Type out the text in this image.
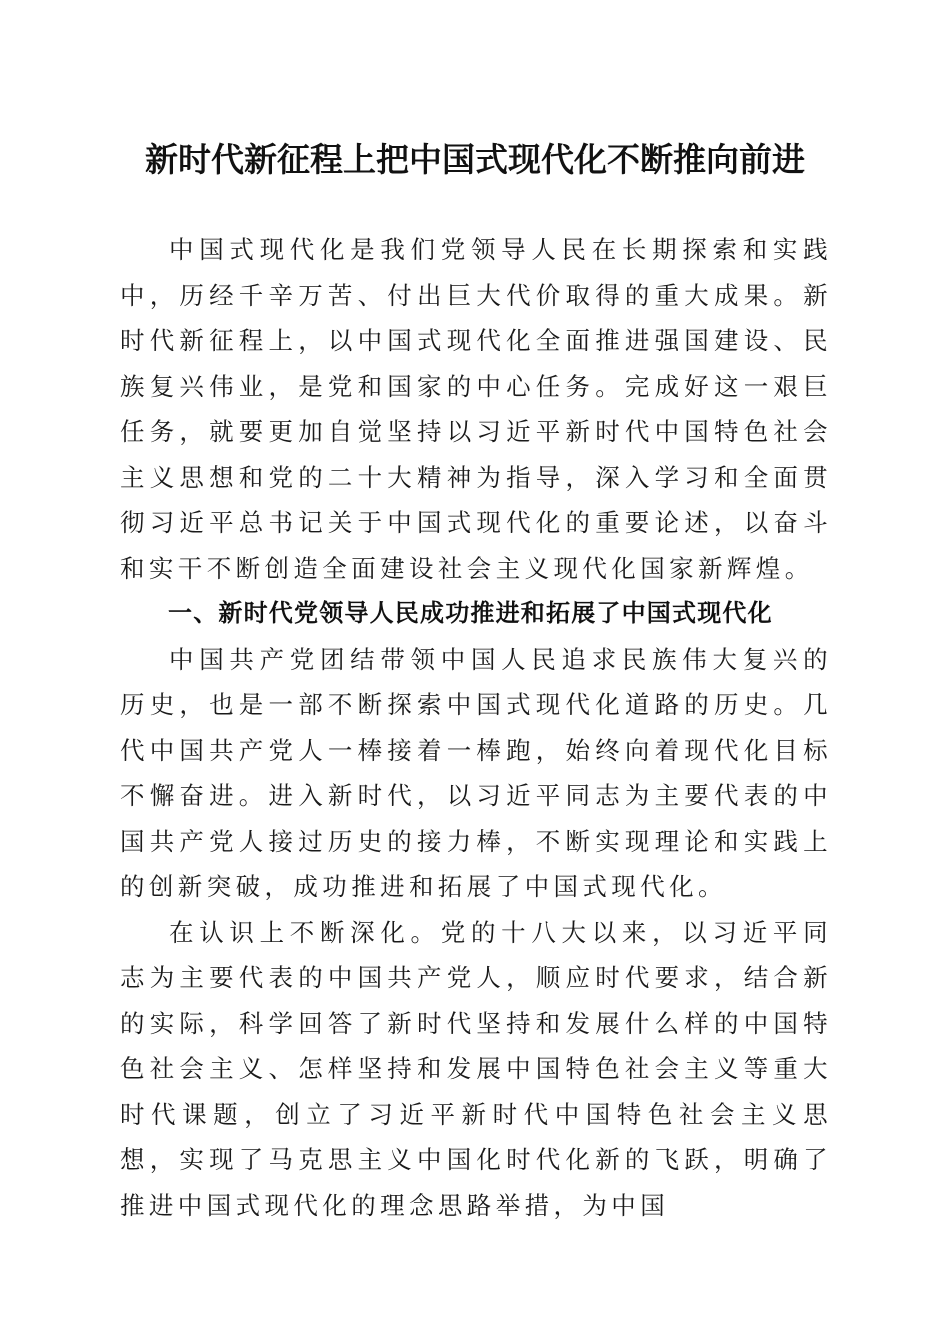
新时代新征程上把中国式现代化不断推向前进

中国式现代化是我们党领导人民在长期探索和实践中，历经千辛万苦、付出巨大代价取得的重大成果。新时代新征程上，以中国式现代化全面推进强国建设、民族复兴伟业，是党和国家的中心任务。完成好这一艰巨任务，就要更加自觉坚持以习近平新时代中国特色社会主义思想和党的二十大精神为指导，深入学习和全面贯彻习近平总书记关于中国式现代化的重要论述，以奋斗和实干不断创造全面建设社会主义现代化国家新辉煌。

一、新时代党领导人民成功推进和拓展了中国式现代化

中国共产党团结带领中国人民追求民族伟大复兴的历史，也是一部不断探索中国式现代化道路的历史。几代中国共产党人一棒接着一棒跑，始终向着现代化目标不懈奋进。进入新时代，以习近平同志为主要代表的中国共产党人接过历史的接力棒，不断实现理论和实践上的创新突破，成功推进和拓展了中国式现代化。

在认识上不断深化。党的十八大以来，以习近平同志为主要代表的中国共产党人，顺应时代要求，结合新的实际，科学回答了新时代坚持和发展什么样的中国特色社会主义、怎样坚持和发展中国特色社会主义等重大时代课题，创立了习近平新时代中国特色社会主义思想，实现了马克思主义中国化时代化新的飞跃，明确了推进中国式现代化的理念思路举措，为中国
